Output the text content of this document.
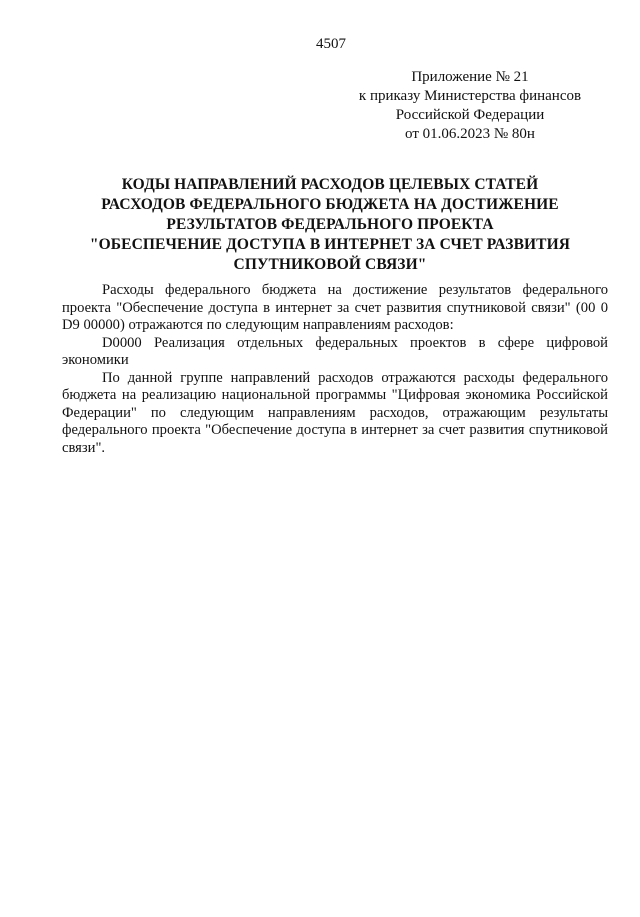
4507
Приложение № 21
к приказу Министерства финансов
Российской Федерации
от 01.06.2023 № 80н
КОДЫ НАПРАВЛЕНИЙ РАСХОДОВ ЦЕЛЕВЫХ СТАТЕЙ
РАСХОДОВ ФЕДЕРАЛЬНОГО БЮДЖЕТА НА ДОСТИЖЕНИЕ
РЕЗУЛЬТАТОВ ФЕДЕРАЛЬНОГО ПРОЕКТА
"ОБЕСПЕЧЕНИЕ ДОСТУПА В ИНТЕРНЕТ ЗА СЧЕТ РАЗВИТИЯ
СПУТНИКОВОЙ СВЯЗИ"

Расходы федерального бюджета на достижение результатов федерального проекта "Обеспечение доступа в интернет за счет развития спутниковой связи" (00 0 D9 00000) отражаются по следующим направлениям расходов:

D0000 Реализация отдельных федеральных проектов в сфере цифровой экономики

По данной группе направлений расходов отражаются расходы федерального бюджета на реализацию национальной программы "Цифровая экономика Российской Федерации" по следующим направлениям расходов, отражающим результаты федерального проекта "Обеспечение доступа в интернет за счет развития спутниковой связи".
